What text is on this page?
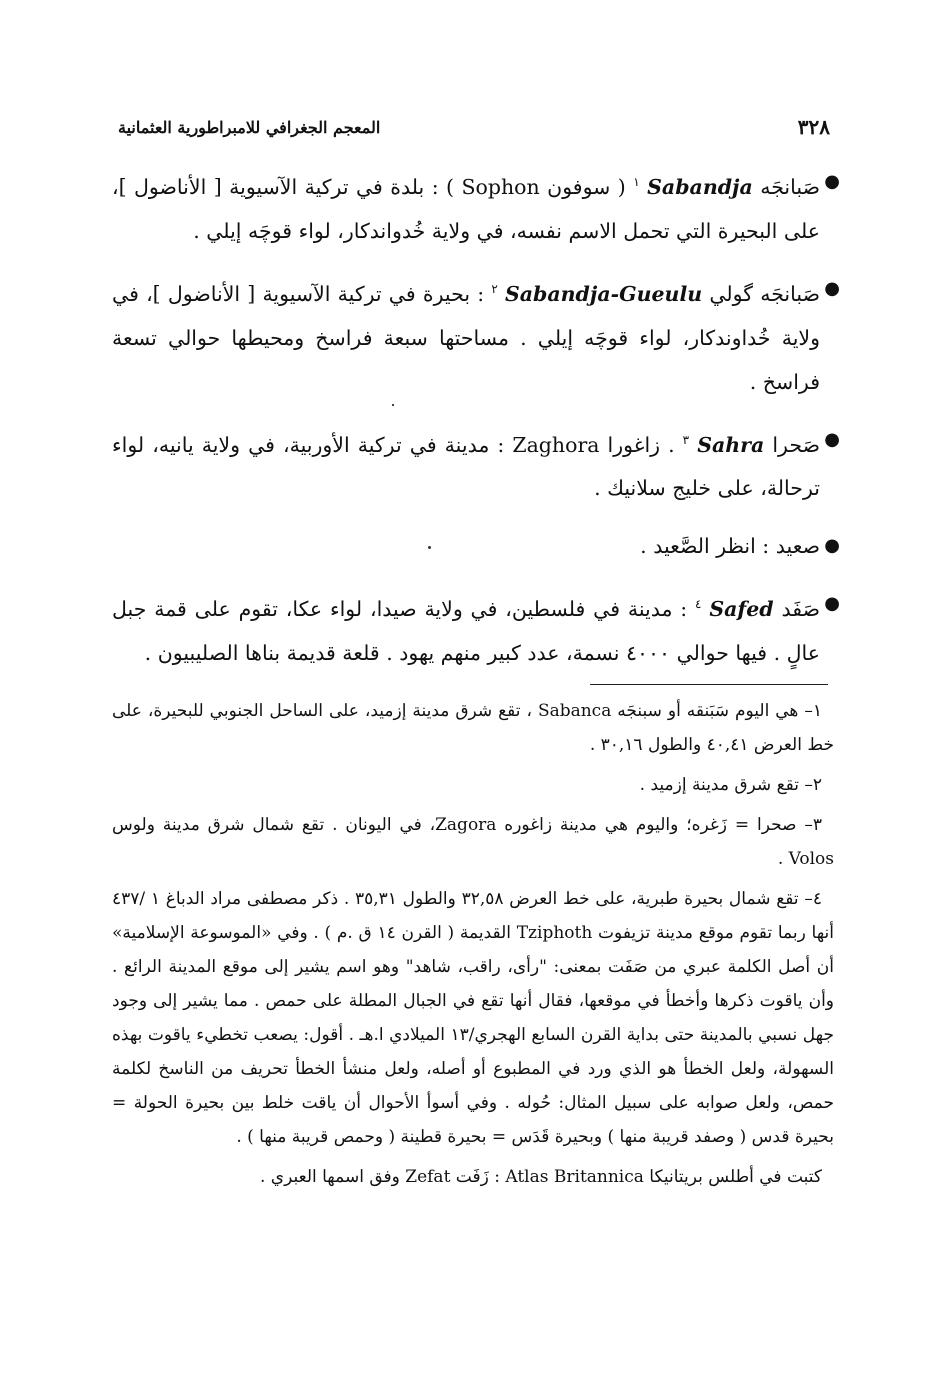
٣٢٨
المعجم الجغرافي للامبراطورية العثمانية

●
صَبانجَه Sabandja $^١$ ( سوفون Sophon ) : بلدة في تركية الآسيوية [ الأناضول ]، على البحيرة التي تحمل الاسم نفسه، في ولاية خُدواندكار، لواء قوچَه إيلي .

●
صَبانجَه گولي Sabandja-Gueulu $^٢$ : بحيرة في تركية الآسيوية [ الأناضول ]، في ولاية خُداوندكار، لواء قوچَه إيلي . مساحتها سبعة فراسخ ومحيطها حوالي تسعة فراسخ .

●
صَحرا Sahra $^٣$ . زاغورا Zaghora : مدينة في تركية الأوربية، في ولاية يانيه، لواء ترحالة، على خليج سلانيك .

●
صعيد : انظر الصَّعيد .

●
صَفَد Safed $^٤$ : مدينة في فلسطين، في ولاية صيدا، لواء عكا، تقوم على قمة جبل عالٍ . فيها حوالي ٤٠٠٠ نسمة، عدد كبير منهم يهود . قلعة قديمة بناها الصليبيون .

١– هي اليوم سَبَنقه أو سبنجَه Sabanca ، تقع شرق مدينة إزميد، على الساحل الجنوبي للبحيرة، على خط العرض ٤٠,٤١ والطول ٣٠,١٦ .

٢– تقع شرق مدينة إزميد .

٣– صحرا = زَغره؛ واليوم هي مدينة زاغوره Zagora، في اليونان . تقع شمال شرق مدينة ولوس Volos .

٤– تقع شمال بحيرة طبرية، على خط العرض ٣٢,٥٨ والطول ٣٥,٣١ . ذكر مصطفى مراد الدباغ ١ /٤٣٧ أنها ربما تقوم موقع مدينة تزيفوت Tziphoth القديمة ( القرن ١٤ ق .م ) . وفي «الموسوعة الإسلامية» أن أصل الكلمة عبري من صَفَت بمعنى: "رأى، راقب، شاهد" وهو اسم يشير إلى موقع المدينة الرائع . وأن ياقوت ذكرها وأخطأ في موقعها، فقال أنها تقع في الجبال المطلة على حمص . مما يشير إلى وجود جهل نسبي بالمدينة حتى بداية القرن السابع الهجري/١٣ الميلادي ا.هـ . أقول: يصعب تخطيء ياقوت بهذه السهولة، ولعل الخطأ هو الذي ورد في المطبوع أو أصله، ولعل منشأ الخطأ تحريف من الناسخ لكلمة حمص، ولعل صوابه على سبيل المثال: حُوله . وفي أسوأ الأحوال أن ياقت خلط بين بحيرة الحولة = بحيرة قدس ( وصفد قريبة منها ) وبحيرة قَدَس = بحيرة قطينة ( وحمص قريبة منها ) .

كتبت في أطلس بريتانيكا Atlas Britannica : زَفَت Zefat وفق اسمها العبري .
